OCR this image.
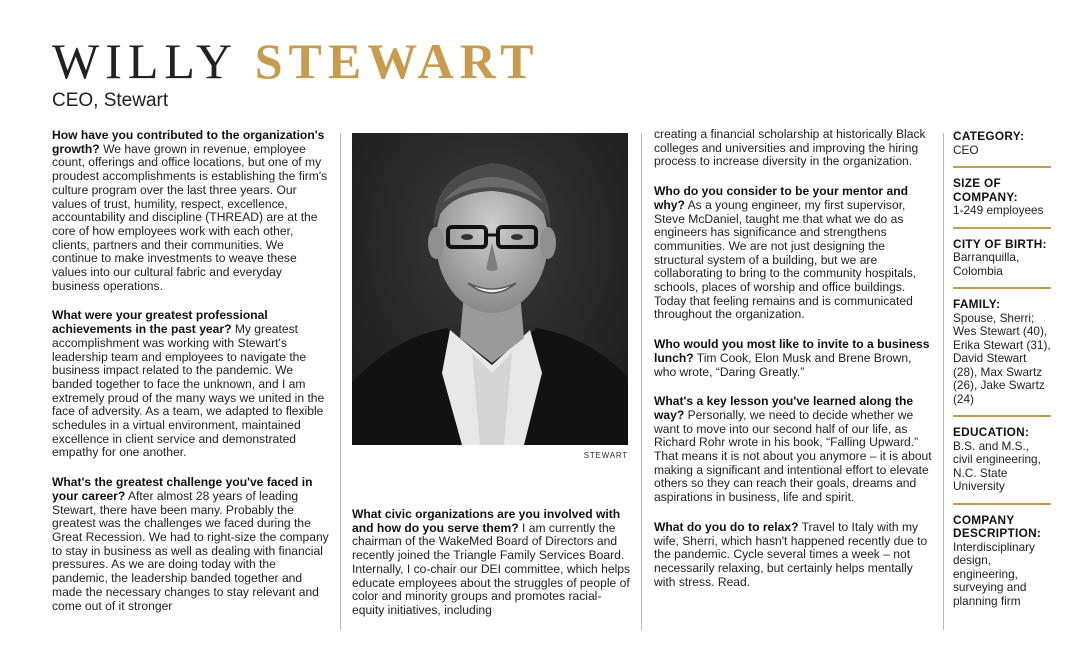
WILLY STEWART
CEO, Stewart

How have you contributed to the organization's growth? We have grown in revenue, employee count, offerings and office locations, but one of my proudest accomplishments is establishing the firm's culture program over the last three years. Our values of trust, humility, respect, excellence, accountability and discipline (THREAD) are at the core of how employees work with each other, clients, partners and their communities. We continue to make investments to weave these values into our cultural fabric and everyday business operations.

What were your greatest professional achievements in the past year? My greatest accomplishment was working with Stewart's leadership team and employees to navigate the business impact related to the pandemic. We banded together to face the unknown, and I am extremely proud of the many ways we united in the face of adversity. As a team, we adapted to flexible schedules in a virtual environment, maintained excellence in client service and demonstrated empathy for one another.

What's the greatest challenge you've faced in your career? After almost 28 years of leading Stewart, there have been many. Probably the greatest was the challenges we faced during the Great Recession. We had to right-size the company to stay in business as well as dealing with financial pressures. As we are doing today with the pandemic, the leadership banded together and made the necessary changes to stay relevant and come out of it stronger

STEWART

What civic organizations are you involved with and how do you serve them? I am currently the chairman of the WakeMed Board of Directors and recently joined the Triangle Family Services Board. Internally, I co-chair our DEI committee, which helps educate employees about the struggles of people of color and minority groups and promotes racial-equity initiatives, including

creating a financial scholarship at historically Black colleges and universities and improving the hiring process to increase diversity in the organization.

Who do you consider to be your mentor and why? As a young engineer, my first supervisor, Steve McDaniel, taught me that what we do as engineers has significance and strengthens communities. We are not just designing the structural system of a building, but we are collaborating to bring to the community hospitals, schools, places of worship and office buildings. Today that feeling remains and is communicated throughout the organization.

Who would you most like to invite to a business lunch? Tim Cook, Elon Musk and Brene Brown, who wrote, “Daring Greatly.”

What's a key lesson you've learned along the way? Personally, we need to decide whether we want to move into our second half of our life, as Richard Rohr wrote in his book, “Falling Upward.” That means it is not about you anymore – it is about making a significant and intentional effort to elevate others so they can reach their goals, dreams and aspirations in business, life and spirit.

What do you do to relax? Travel to Italy with my wife, Sherri, which hasn't happened recently due to the pandemic. Cycle several times a week – not necessarily relaxing, but certainly helps mentally with stress. Read.

CATEGORY:
CEO
SIZE OF COMPANY:
1-249 employees
CITY OF BIRTH:
Barranquilla, Colombia
FAMILY:
Spouse, Sherri; Wes Stewart (40), Erika Stewart (31), David Stewart (28), Max Swartz (26), Jake Swartz (24)
EDUCATION:
B.S. and M.S., civil engineering, N.C. State University
COMPANY DESCRIPTION:
Interdisciplinary design, engineering, surveying and planning firm
